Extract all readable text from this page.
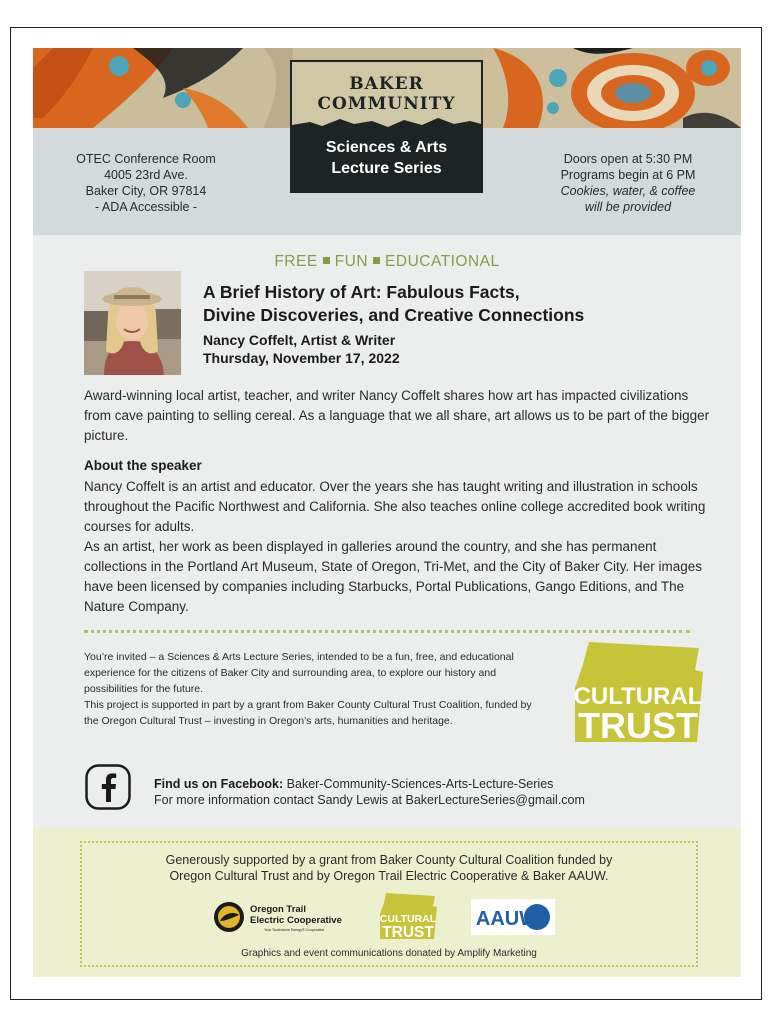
OTEC Conference Room
4005 23rd Ave.
Baker City, OR 97814
- ADA Accessible -
Doors open at 5:30 PM
Programs begin at 6 PM
Cookies, water, & coffee
will be provided
FREE FUN EDUCATIONAL
BAKER
COMMUNITY
Sciences & Arts
Lecture Series
A Brief History of Art: Fabulous Facts,
Divine Discoveries, and Creative Connections
Nancy Coffelt, Artist & Writer
Thursday, November 17, 2022
Award-winning local artist, teacher, and writer Nancy Coffelt shares how art has impacted civilizations from cave painting to selling cereal. As a language that we all share, art allows us to be part of the bigger picture.
About the speaker

Nancy Coffelt is an artist and educator. Over the years she has taught writing and illustration in schools throughout the Pacific Northwest and California. She also teaches online college accredited book writing courses for adults.

As an artist, her work as been displayed in galleries around the country, and she has permanent collections in the Portland Art Museum, State of Oregon, Tri-Met, and the City of Baker City. Her images have been licensed by companies including Starbucks, Portal Publications, Gango Editions, and The Nature Company.

You’re invited – a Sciences & Arts Lecture Series, intended to be a fun, free, and educational experience for the citizens of Baker City and surrounding area, to explore our history and possibilities for the future.

This project is supported in part by a grant from Baker County Cultural Trust Coalition, funded by the Oregon Cultural Trust – investing in Oregon’s arts, humanities and heritage.

CULTURAL
TRUST
Find us on Facebook: Baker-Community-Sciences-Arts-Lecture-Series
For more information contact Sandy Lewis at BakerLectureSeries@gmail.com
Generously supported by a grant from Baker County Cultural Coalition funded by
Oregon Cultural Trust and by Oregon Trail Electric Cooperative & Baker AAUW.
Oregon Trail
Electric Cooperative
Your Touchstone Energy® Cooperative
CULTURAL
TRUST
AAUW
Graphics and event communications donated by Amplify Marketing
